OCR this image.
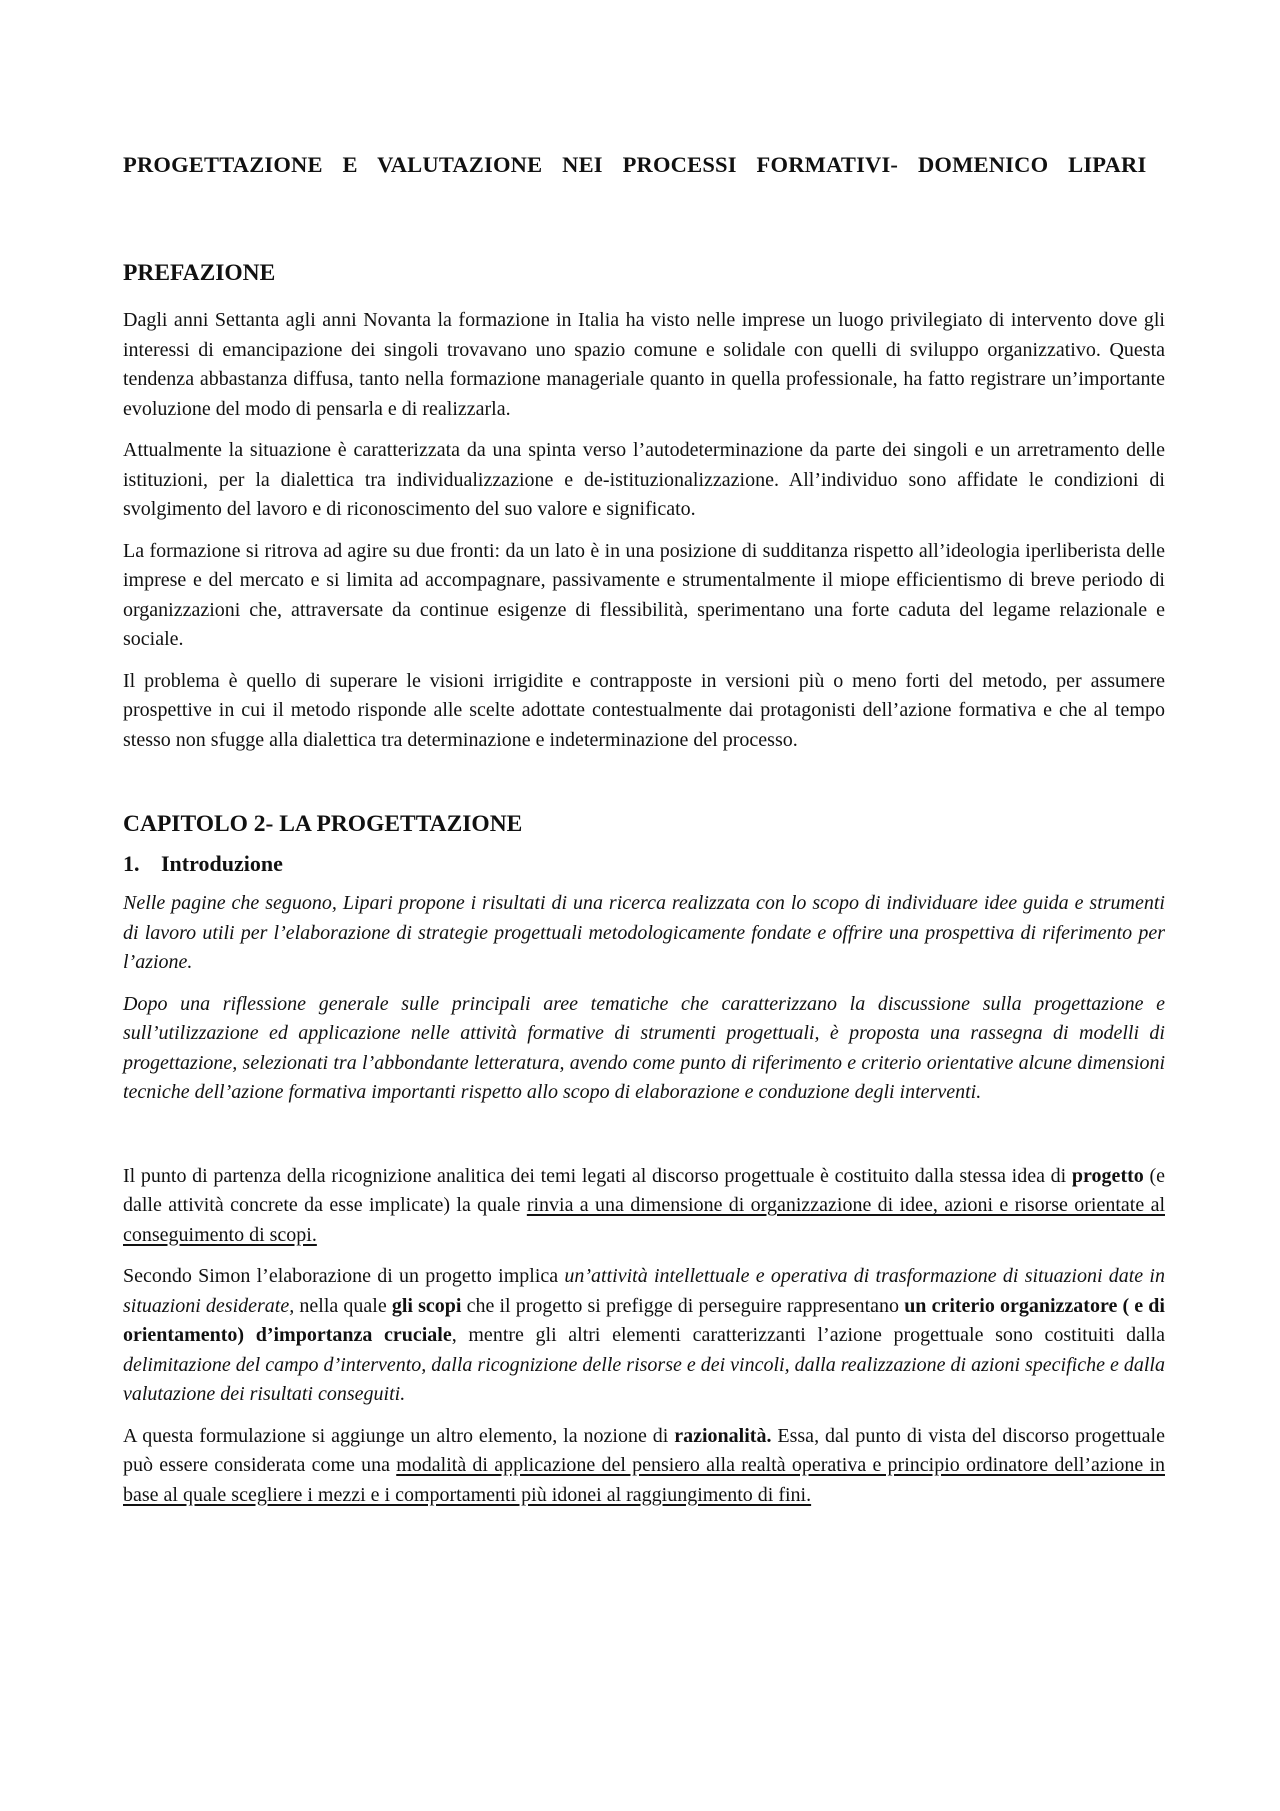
PROGETTAZIONE E VALUTAZIONE NEI PROCESSI FORMATIVI- DOMENICO LIPARI
PREFAZIONE

Dagli anni Settanta agli anni Novanta la formazione in Italia ha visto nelle imprese un luogo privilegiato di intervento dove gli interessi di emancipazione dei singoli trovavano uno spazio comune e solidale con quelli di sviluppo organizzativo. Questa tendenza abbastanza diffusa, tanto nella formazione manageriale quanto in quella professionale, ha fatto registrare un’importante evoluzione del modo di pensarla e di realizzarla.

Attualmente la situazione è caratterizzata da una spinta verso l’autodeterminazione da parte dei singoli e un arretramento delle istituzioni, per la dialettica tra individualizzazione e de-istituzionalizzazione. All’individuo sono affidate le condizioni di svolgimento del lavoro e di riconoscimento del suo valore e significato.

La formazione si ritrova ad agire su due fronti: da un lato è in una posizione di sudditanza rispetto all’ideologia iperliberista delle imprese e del mercato e si limita ad accompagnare, passivamente e strumentalmente il miope efficientismo di breve periodo di organizzazioni che, attraversate da continue esigenze di flessibilità, sperimentano una forte caduta del legame relazionale e sociale.

Il problema è quello di superare le visioni irrigidite e contrapposte in versioni più o meno forti del metodo, per assumere prospettive in cui il metodo risponde alle scelte adottate contestualmente dai protagonisti dell’azione formativa e che al tempo stesso non sfugge alla dialettica tra determinazione e indeterminazione del processo.

CAPITOLO 2- LA PROGETTAZIONE
1. Introduzione

Nelle pagine che seguono, Lipari propone i risultati di una ricerca realizzata con lo scopo di individuare idee guida e strumenti di lavoro utili per l’elaborazione di strategie progettuali metodologicamente fondate e offrire una prospettiva di riferimento per l’azione.

Dopo una riflessione generale sulle principali aree tematiche che caratterizzano la discussione sulla progettazione e sull’utilizzazione ed applicazione nelle attività formative di strumenti progettuali, è proposta una rassegna di modelli di progettazione, selezionati tra l’abbondante letteratura, avendo come punto di riferimento e criterio orientative alcune dimensioni tecniche dell’azione formativa importanti rispetto allo scopo di elaborazione e conduzione degli interventi.

Il punto di partenza della ricognizione analitica dei temi legati al discorso progettuale è costituito dalla stessa idea di progetto (e dalle attività concrete da esse implicate) la quale rinvia a una dimensione di organizzazione di idee, azioni e risorse orientate al conseguimento di scopi.

Secondo Simon l’elaborazione di un progetto implica un’attività intellettuale e operativa di trasformazione di situazioni date in situazioni desiderate, nella quale gli scopi che il progetto si prefigge di perseguire rappresentano un criterio organizzatore ( e di orientamento) d’importanza cruciale, mentre gli altri elementi caratterizzanti l’azione progettuale sono costituiti dalla delimitazione del campo d’intervento, dalla ricognizione delle risorse e dei vincoli, dalla realizzazione di azioni specifiche e dalla valutazione dei risultati conseguiti.

A questa formulazione si aggiunge un altro elemento, la nozione di razionalità. Essa, dal punto di vista del discorso progettuale può essere considerata come una modalità di applicazione del pensiero alla realtà operativa e principio ordinatore dell’azione in base al quale scegliere i mezzi e i comportamenti più idonei al raggiungimento di fini.
